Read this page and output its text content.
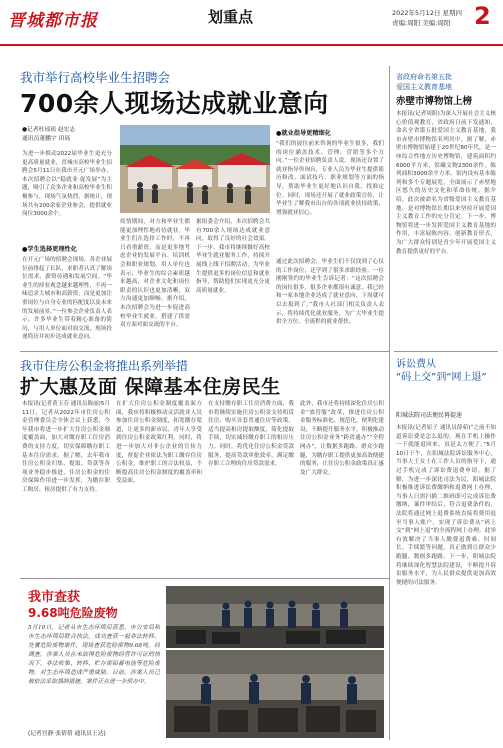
晋城都市报	划重点	2022年5月12日 星期四
责编:周阳 美编:周阳 2
我市举行高校毕业生招聘会
700余人现场达成就业意向
●记者杜瑶瑶 赵宏志
通讯员董鹏宇 田瑶
为进一步推动2022届毕业生更充分更高质量就业，晋城市高校毕业生招聘会5月11日在我市开元广场举办，本次招聘会以“稳就业·促发展”为主题，吸引了众多企业和高校毕业生积极参与，现场气氛热烈。据统计，现场共有200余家企业参会，提供就业岗位3000余个。
●学生选择更理性化
在开元广场的招聘会现场，各企业展位前排起了长队，求职者认真了解岗位需求、薪资待遇和发展空间。“毕业生的择业观念越来越理性，不再一味追求大城市和高薪资，而是更加注重岗位与自身专业的匹配度以及未来的发展前景。”一位参会企业负责人表示。许多毕业生带着精心准备的简历，与用人单位面对面交流，现场投递简历并初步达成就业意向。
疫情期间，对方和毕业生都能更加理性地看待就业。毕业生们在选择工作时，不再只看重薪资，而是更多地考虑企业的发展平台、培训机会和职业规划。用人单位也表示，毕业生的综合素质越来越高，对企业文化和岗位职责的认识也更加清晰，双方沟通更加顺畅。据介绍，本次招聘会为进一步促进高校毕业生就业，搭建了供需双方面对面交流的平台。
据组委会介绍，本次招聘会共有700余人现场达成就业意向，取得了良好的社会效果。下一步，我市将继续做好高校毕业生就业服务工作，持续开展线上线下招聘活动，为毕业生提供更多的岗位信息和就业指导，帮助他们实现更充分更高质量就业。
●就业指导更精细化
“我们的展位前来咨询的毕业生很多，我们的岗位涵盖技术、管理、营销等多个方向。”一位企业招聘负责人说。现场还设置了就业指导咨询台，专业人员为毕业生提供简历修改、面试技巧、职业规划等方面的指导，帮助毕业生更好地认识自我、找准定位。同时，现场还开展了就业政策宣传，让毕业生了解我市出台的各项就业扶持政策，增强就业信心。
通过此次招聘会，毕业生们不仅找到了心仪的工作岗位，还学到了很多求职经验。一位刚刚签约的毕业生告诉记者：“这次招聘会的岗位很多，很多企业都很有诚意，我已经和一家本地企业达成了就业意向，下周就可以去报到了。”我市人社部门相关负责人表示，将持续优化就业服务，为广大毕业生提供全方位、全流程的就业帮扶。
省政府命名第五批
爱国主义教育基地
赤壁市博物馆上榜
本报讯(记者周阳)为深入开展社会主义核心价值观教育，省政府日前下发通知，命名全省第五批爱国主义教育基地，我市赤壁市博物馆名列其中。据了解，赤壁市博物馆始建于20世纪80年代，是一座综合性地方历史博物馆，建筑面积约6000平方米，馆藏文物2300余件，陈列面积3000余平方米。馆内设有基本陈列和多个专题展览，全面展示了赤壁地区悠久的历史文化和革命传统。据介绍，此次被命名为省级爱国主义教育基地，是对博物馆长期以来坚持开展爱国主义教育工作的充分肯定。下一步，博物馆将进一步发挥爱国主义教育基地的作用，丰富展陈内容，创新教育形式，为广大群众特别是青少年开展爱国主义教育提供更好的平台。
我市住房公积金将推出系列举措
扩大惠及面 保障基本住房民生
本报讯(记者黄玉芬 通讯员陈丽)5月11日，记者从2022年市住房公积金管理委员会全体会议上获悉，今年我市将进一步扩大住房公积金制度覆盖面，加大对缴存职工住房消费的支持力度，切实保障缴存职工基本住房需求。据了解，去年我市住房公积金归集、提取、贷款等各项业务稳步推进，住房公积金的住房保障作用进一步发挥，为缴存职工购房、租房提供了有力支持。
在扩大住房公积金制度覆盖面方面，我市将积极推动灵活就业人员参加住房公积金制度，拓宽缴存渠道，让更多的新市民、青年人享受到住房公积金政策红利。同时，将进一步加大对非公企业的宣传力度，督促企业依法为职工缴存住房公积金，维护职工的合法权益，不断提高住房公积金制度的覆盖率和受益面。
在支持缴存职工住房消费方面，我市将继续实施住房公积金支持租赁住房、购买首套普通住房等政策，适当提高租房提取额度，简化提取手续，切实减轻缴存职工的租房压力。同时，将优化住房公积金贷款服务，提高贷款审批效率，满足缴存职工合理的住房贷款需求。
此外，我市还将持续深化住房公积金“放管服”改革，推进住房公积金服务标准化、规范化、便利化建设，不断提升服务水平。积极推动住房公积金业务“跨省通办”“全程网办”，让数据多跑路、群众少跑腿，为缴存职工提供更加高效便捷的服务，让住房公积金政策真正惠及广大群众。
诉讼费从
“码上交”到“网上退”
阳城法院司法便民再提速
本报讯(记者原子 通讯员薛茹)“之前不知道诉讼费是怎么退的，现在手机上操作一下就能退回来，真是太方便了。”5月10日下午，在阳城法院诉讼服务中心，当事人王女士在工作人员的指导下，通过手机完成了诉讼费退费申请。据了解，为进一步深化司法为民，阳城法院积极推进诉讼费缴纳和退费网上办理，当事人只需扫描二维码即可完成诉讼费缴纳，案件审结后，符合退费条件的，法院将通过网上退费系统直接将费用退至当事人账户，实现了诉讼费从“码上交”到“网上退”的全流程网上办理。此举有效解决了当事人缴费退费难、时间长、手续繁等问题，真正做到让群众少跑腿、数据多跑路。下一步，阳城法院将继续深化智慧法院建设，不断提升诉讼服务水平，为人民群众提供更加高效便捷的司法服务。
我市查获
9.68吨危险废物
5月10日，记者从市生态环境局获悉，市公安局和市生态环境局联合执法，成功查获一起非法转移、处置危险废物案件，现场查获危险废物9.68吨。经调查，涉案人员在未取得危险废物经营许可证的情况下，非法收集、转移、贮存废铅蓄电池等危险废物，对生态环境造成严重威胁。目前，涉案人员已被依法采取强制措施，案件正在进一步侦办中。
(记者宫静 张倩倩 通讯员王达)
